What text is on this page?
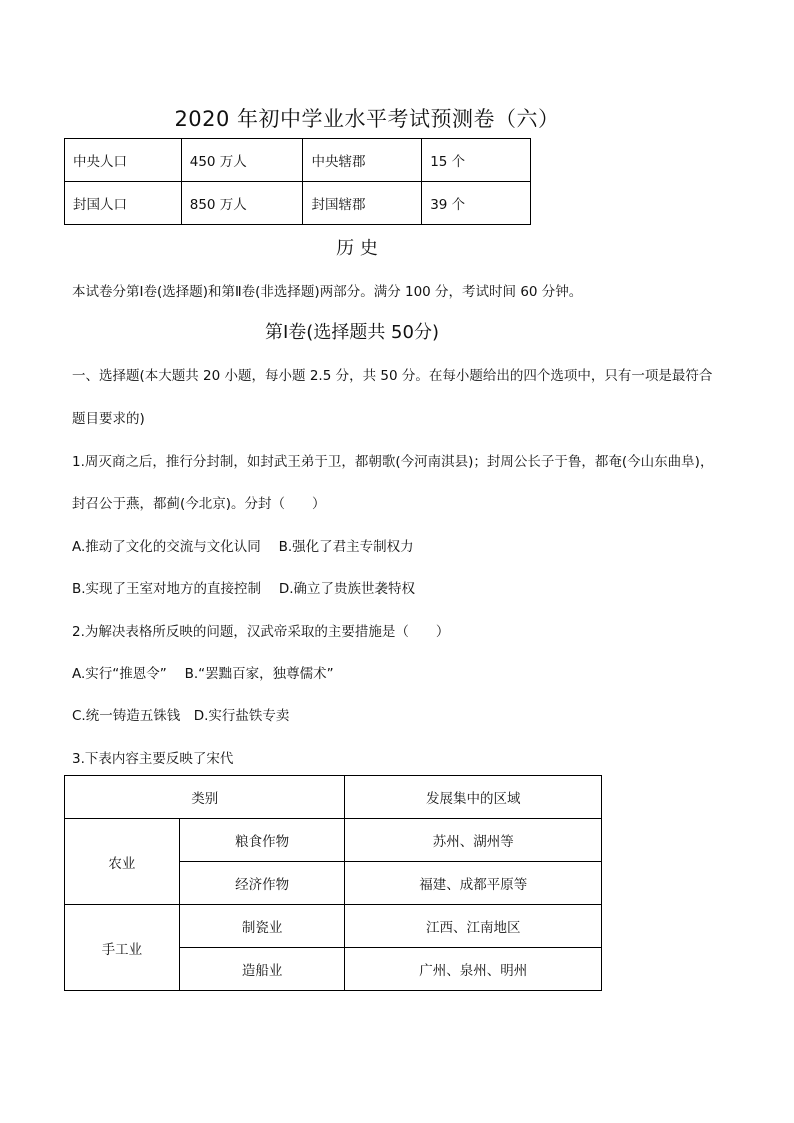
2020 年初中学业水平考试预测卷（六）
中央人口	450 万人	中央辖郡	15 个
封国人口	850 万人	封国辖郡	39 个
历 史
本试卷分第Ⅰ卷(选择题)和第Ⅱ卷(非选择题)两部分。满分 100 分，考试时间 60 分钟。
第Ⅰ卷(选择题共 50分)
一、选择题(本大题共 20 小题，每小题 2.5 分，共 50 分。在每小题给出的四个选项中，只有一项是最符合
题目要求的)
1.周灭商之后，推行分封制，如封武王弟于卫，都朝歌(今河南淇县)；封周公长子于鲁，都奄(今山东曲阜)，
封召公于燕，都蓟(今北京)。分封（　　）
A.推动了文化的交流与文化认同　 B.强化了君主专制权力
B.实现了王室对地方的直接控制　 D.确立了贵族世袭特权
2.为解决表格所反映的问题，汉武帝采取的主要措施是（　　）
A.实行“推恩令”　 B.“罢黜百家，独尊儒术”
C.统一铸造五铢钱　D.实行盐铁专卖
3.下表内容主要反映了宋代
类别		发展集中的区域
农业	粮食作物	苏州、湖州等
	经济作物	福建、成都平原等
手工业	制瓷业	江西、江南地区
	造船业	广州、泉州、明州
